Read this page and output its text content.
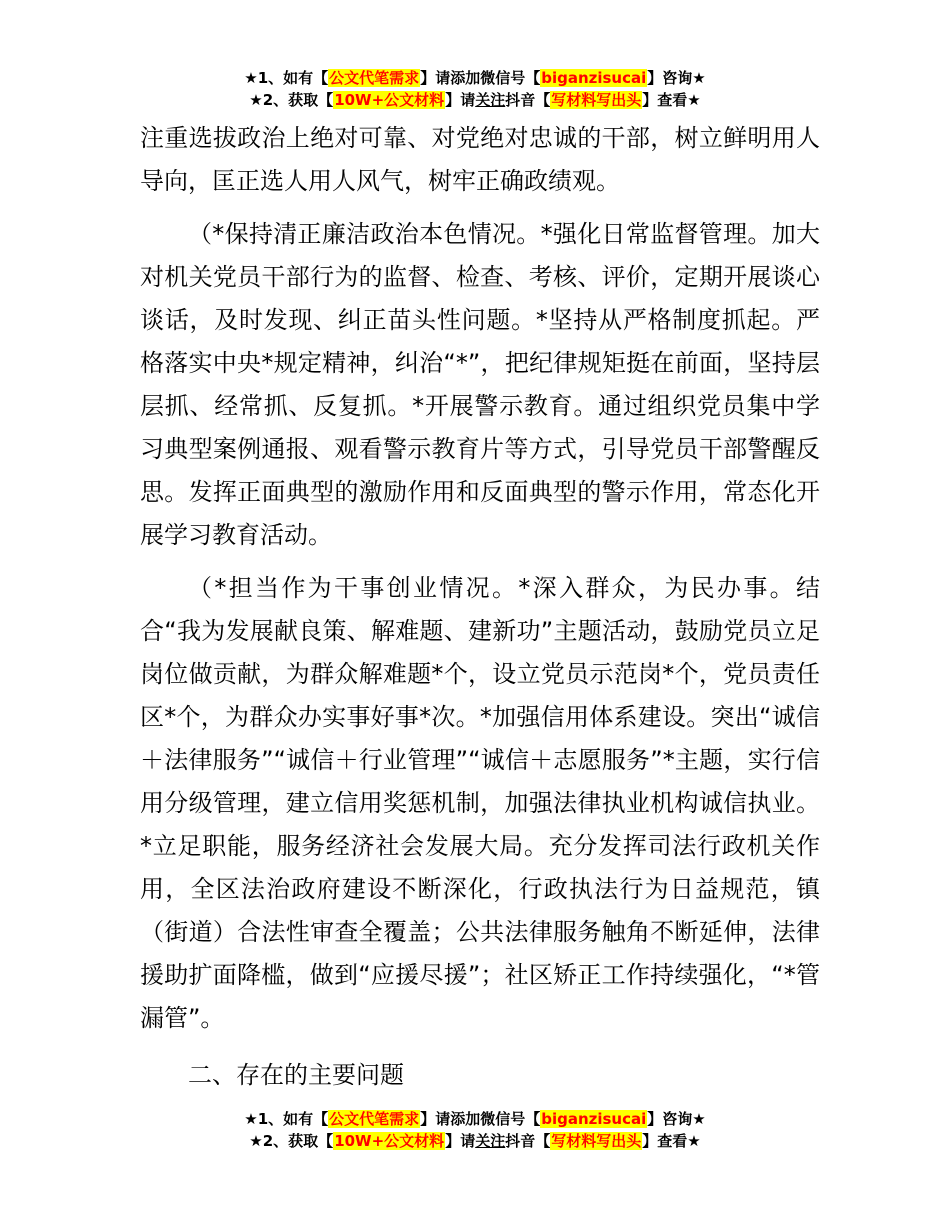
★1、如有【公文代笔需求】请添加微信号【biganzisucai】咨询★
★2、获取【10W+公文材料】请关注抖音【写材料写出头】查看★

注重选拔政治上绝对可靠、对党绝对忠诚的干部，树立鲜明用人导向，匡正选人用人风气，树牢正确政绩观。

（*保持清正廉洁政治本色情况。*强化日常监督管理。加大对机关党员干部行为的监督、检查、考核、评价，定期开展谈心谈话，及时发现、纠正苗头性问题。*坚持从严格制度抓起。严格落实中央*规定精神，纠治“*”，把纪律规矩挺在前面，坚持层层抓、经常抓、反复抓。*开展警示教育。通过组织党员集中学习典型案例通报、观看警示教育片等方式，引导党员干部警醒反思。发挥正面典型的激励作用和反面典型的警示作用，常态化开展学习教育活动。

（*担当作为干事创业情况。*深入群众，为民办事。结合“我为发展献良策、解难题、建新功”主题活动，鼓励党员立足岗位做贡献，为群众解难题*个，设立党员示范岗*个，党员责任区*个，为群众办实事好事*次。*加强信用体系建设。突出“诚信＋法律服务”“诚信＋行业管理”“诚信＋志愿服务”*主题，实行信用分级管理，建立信用奖惩机制，加强法律执业机构诚信执业。*立足职能，服务经济社会发展大局。充分发挥司法行政机关作用，全区法治政府建设不断深化，行政执法行为日益规范，镇（街道）合法性审查全覆盖；公共法律服务触角不断延伸，法律援助扩面降槛，做到“应援尽援”；社区矫正工作持续强化，“*管漏管”。

二、存在的主要问题

★1、如有【公文代笔需求】请添加微信号【biganzisucai】咨询★
★2、获取【10W+公文材料】请关注抖音【写材料写出头】查看★
